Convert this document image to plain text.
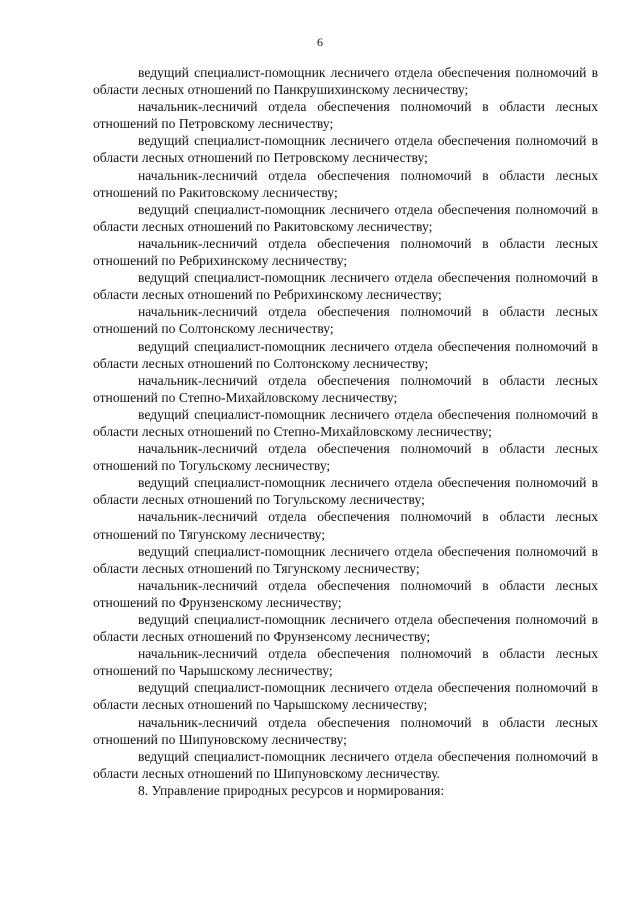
6

ведущий специалист-помощник лесничего отдела обеспечения полномочий в области лесных отношений по Панкрушихинскому лесничеству;

начальник-лесничий отдела обеспечения полномочий в области лесных отношений по Петровскому лесничеству;

ведущий специалист-помощник лесничего отдела обеспечения полномочий в области лесных отношений по Петровскому лесничеству;

начальник-лесничий отдела обеспечения полномочий в области лесных отношений по Ракитовскому лесничеству;

ведущий специалист-помощник лесничего отдела обеспечения полномочий в области лесных отношений по Ракитовскому лесничеству;

начальник-лесничий отдела обеспечения полномочий в области лесных отношений по Ребрихинскому лесничеству;

ведущий специалист-помощник лесничего отдела обеспечения полномочий в области лесных отношений по Ребрихинскому лесничеству;

начальник-лесничий отдела обеспечения полномочий в области лесных отношений по Солтонскому лесничеству;

ведущий специалист-помощник лесничего отдела обеспечения полномочий в области лесных отношений по Солтонскому лесничеству;

начальник-лесничий отдела обеспечения полномочий в области лесных отношений по Степно-Михайловскому лесничеству;

ведущий специалист-помощник лесничего отдела обеспечения полномочий в области лесных отношений по Степно-Михайловскому лесничеству;

начальник-лесничий отдела обеспечения полномочий в области лесных отношений по Тогульскому лесничеству;

ведущий специалист-помощник лесничего отдела обеспечения полномочий в области лесных отношений по Тогульскому лесничеству;

начальник-лесничий отдела обеспечения полномочий в области лесных отношений по Тягунскому лесничеству;

ведущий специалист-помощник лесничего отдела обеспечения полномочий в области лесных отношений по Тягунскому лесничеству;

начальник-лесничий отдела обеспечения полномочий в области лесных отношений по Фрунзенскому лесничеству;

ведущий специалист-помощник лесничего отдела обеспечения полномочий в области лесных отношений по Фрунзенсому лесничеству;

начальник-лесничий отдела обеспечения полномочий в области лесных отношений по Чарышскому лесничеству;

ведущий специалист-помощник лесничего отдела обеспечения полномочий в области лесных отношений по Чарышскому лесничеству;

начальник-лесничий отдела обеспечения полномочий в области лесных отношений по Шипуновскому лесничеству;

ведущий специалист-помощник лесничего отдела обеспечения полномочий в области лесных отношений по Шипуновскому лесничеству.

8. Управление природных ресурсов и нормирования:
